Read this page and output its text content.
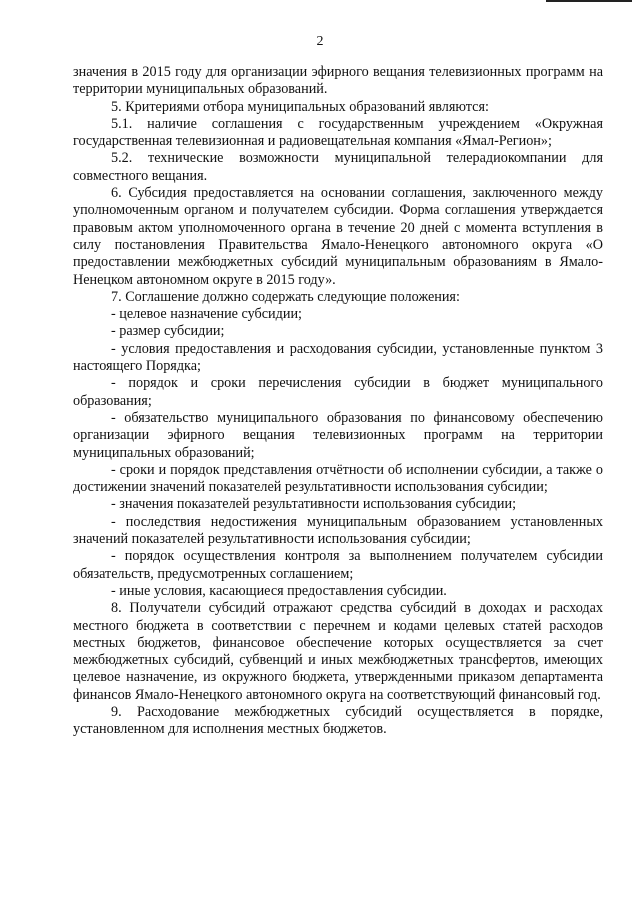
2

значения в 2015 году для организации эфирного вещания телевизионных программ на территории муниципальных образований.

5. Критериями отбора муниципальных образований являются:

5.1. наличие соглашения с государственным учреждением «Окружная государственная телевизионная и радиовещательная компания «Ямал-Регион»;

5.2. технические возможности муниципальной телерадиокомпании для совместного вещания.

6. Субсидия предоставляется на основании соглашения, заключенного между уполномоченным органом и получателем субсидии. Форма соглашения утверждается правовым актом уполномоченного органа в течение 20 дней с момента вступления в силу постановления Правительства Ямало-Ненецкого автономного округа «О предоставлении межбюджетных субсидий муниципальным образованиям в Ямало-Ненецком автономном округе в 2015 году».

7. Соглашение должно содержать следующие положения:

- целевое назначение субсидии;

- размер субсидии;

- условия предоставления и расходования субсидии, установленные пунктом 3 настоящего Порядка;

- порядок и сроки перечисления субсидии в бюджет муниципального образования;

- обязательство муниципального образования по финансовому обеспечению организации эфирного вещания телевизионных программ на территории муниципальных образований;

- сроки и порядок представления отчётности об исполнении субсидии, а также о достижении значений показателей результативности использования субсидии;

- значения показателей результативности использования субсидии;

- последствия недостижения муниципальным образованием установленных значений показателей результативности использования субсидии;

- порядок осуществления контроля за выполнением получателем субсидии обязательств, предусмотренных соглашением;

- иные условия, касающиеся предоставления субсидии.

8. Получатели субсидий отражают средства субсидий в доходах и расходах местного бюджета в соответствии с перечнем и кодами целевых статей расходов местных бюджетов, финансовое обеспечение которых осуществляется за счет межбюджетных субсидий, субвенций и иных межбюджетных трансфертов, имеющих целевое назначение, из окружного бюджета, утвержденными приказом департамента финансов Ямало-Ненецкого автономного округа на соответствующий финансовый год.

9. Расходование межбюджетных субсидий осуществляется в порядке, установленном для исполнения местных бюджетов.
